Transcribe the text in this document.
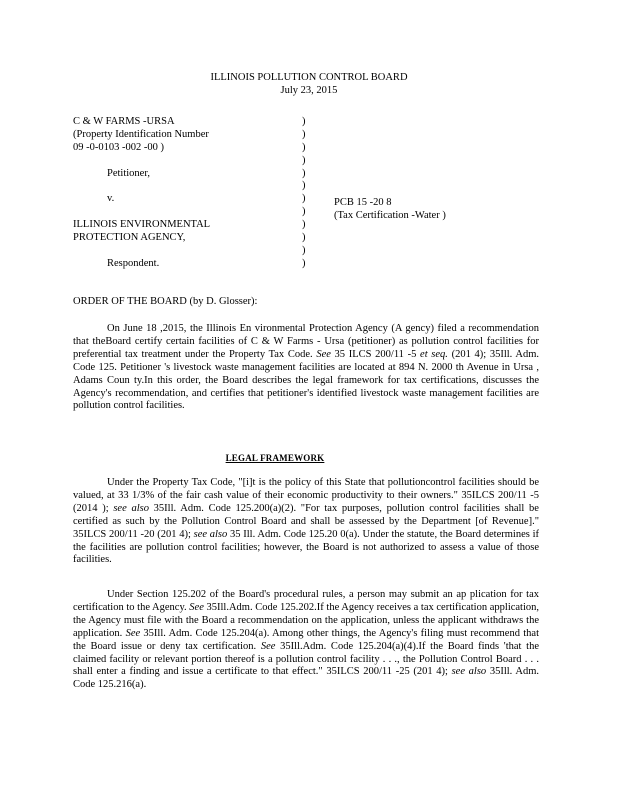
ILLINOIS POLLUTION CONTROL BOARD
July 23, 2015
C & W FARMS -URSA
(Property Identification Number
09 -0-0103 -002 -00 )
Petitioner,
v.
ILLINOIS ENVIRONMENTAL
PROTECTION AGENCY,
Respondent.
)
)
)
)
)
)
)
)
)
)
)
)
PCB 15 -20 8
(Tax Certification -Water )
ORDER OF THE BOARD (by D. Glosser):
On June 18 ,2015, the Illinois En vironmental Protection Agency (A gency) filed a recommendation that theBoard certify certain facilities of C & W Farms - Ursa (petitioner) as pollution control facilities for preferential tax treatment under the Property Tax Code. See 35 ILCS 200/11 -5 et seq. (201 4); 35Ill. Adm. Code 125. Petitioner 's livestock waste management facilities are located at 894 N. 2000 th Avenue in Ursa , Adams Coun ty.In this order, the Board describes the legal framework for tax certifications, discusses the Agency's recommendation, and certifies that petitioner's identified livestock waste management facilities are pollution control facilities.
LEGAL FRAMEWORK
Under the Property Tax Code, "[i]t is the policy of this State that pollutioncontrol facilities should be valued, at 33 1/3% of the fair cash value of their economic productivity to their owners." 35ILCS 200/11 -5 (2014 ); see also 35Ill. Adm. Code 125.200(a)(2). "For tax purposes, pollution control facilities shall be certified as such by the Pollution Control Board and shall be assessed by the Department [of Revenue]." 35ILCS 200/11 -20 (201 4); see also 35 Ill. Adm. Code 125.20 0(a). Under the statute, the Board determines if the facilities are pollution control facilities; however, the Board is not authorized to assess a value of those facilities.
Under Section 125.202 of the Board's procedural rules, a person may submit an ap plication for tax certification to the Agency. See 35Ill.Adm. Code 125.202.If the Agency receives a tax certification application, the Agency must file with the Board a recommendation on the application, unless the applicant withdraws the application. See 35Ill. Adm. Code 125.204(a). Among other things, the Agency's filing must recommend that the Board issue or deny tax certification. See 35Ill.Adm. Code 125.204(a)(4).If the Board finds 'that the claimed facility or relevant portion thereof is a pollution control facility . . ., the Pollution Control Board . . . shall enter a finding and issue a certificate to that effect." 35ILCS 200/11 -25 (201 4); see also 35Ill. Adm. Code 125.216(a).
